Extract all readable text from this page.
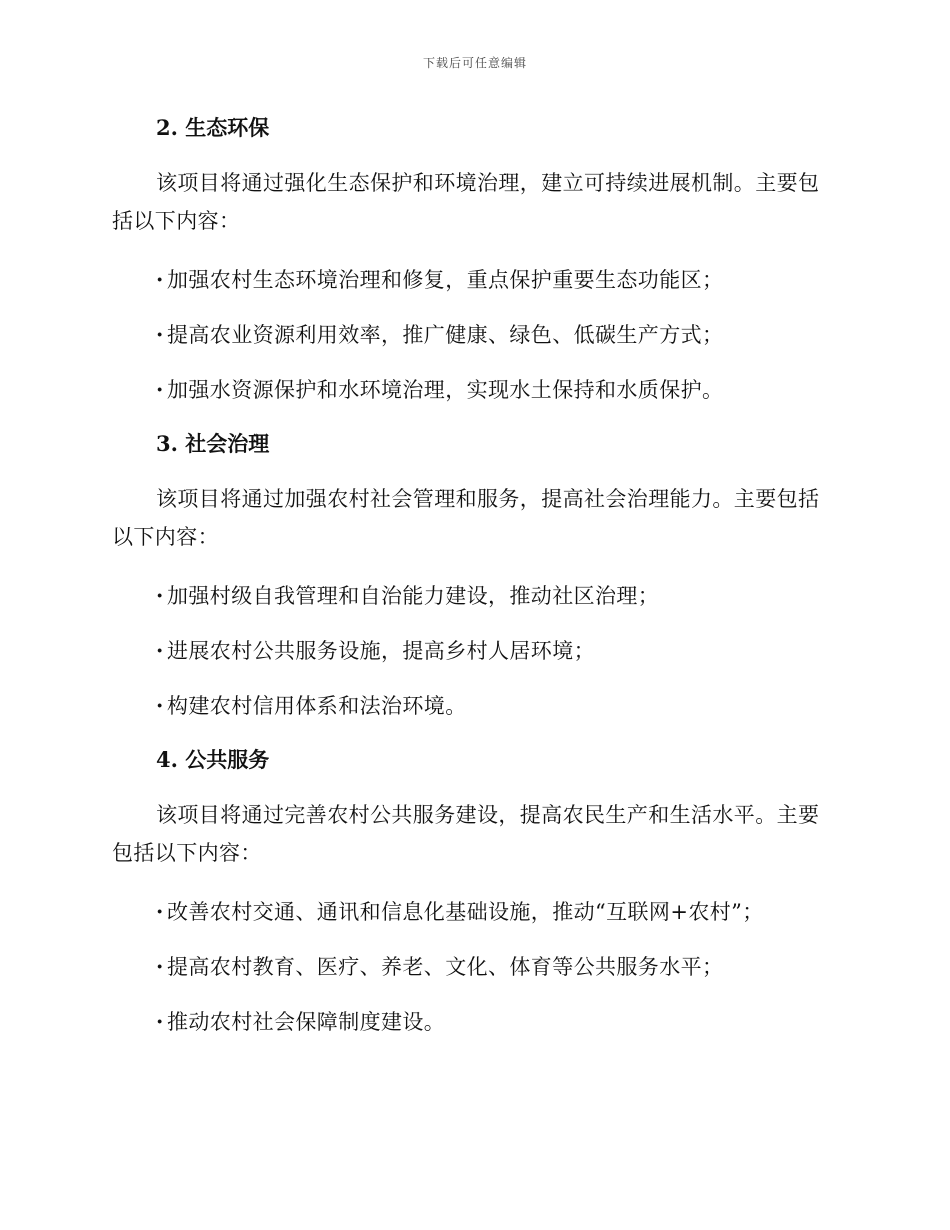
下载后可任意编辑
2. 生态环保

该项目将通过强化生态保护和环境治理，建立可持续进展机制。主要包括以下内容：

· 加强农村生态环境治理和修复，重点保护重要生态功能区；
· 提高农业资源利用效率，推广健康、绿色、低碳生产方式；
· 加强水资源保护和水环境治理，实现水土保持和水质保护。
3. 社会治理

该项目将通过加强农村社会管理和服务，提高社会治理能力。主要包括以下内容：

· 加强村级自我管理和自治能力建设，推动社区治理；
· 进展农村公共服务设施，提高乡村人居环境；
· 构建农村信用体系和法治环境。
4. 公共服务

该项目将通过完善农村公共服务建设，提高农民生产和生活水平。主要包括以下内容：

· 改善农村交通、通讯和信息化基础设施，推动“互联网+农村”；
· 提高农村教育、医疗、养老、文化、体育等公共服务水平；
· 推动农村社会保障制度建设。
